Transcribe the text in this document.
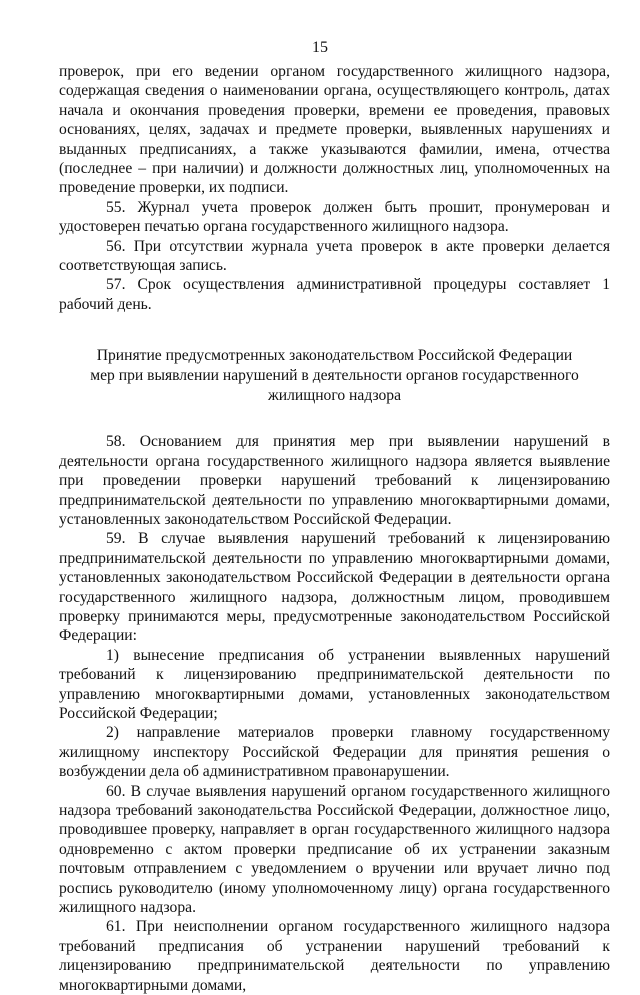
15

проверок, при его ведении органом государственного жилищного надзора, содержащая сведения о наименовании органа, осуществляющего контроль, датах начала и окончания проведения проверки, времени ее проведения, правовых основаниях, целях, задачах и предмете проверки, выявленных нарушениях и выданных предписаниях, а также указываются фамилии, имена, отчества (последнее – при наличии) и должности должностных лиц, уполномоченных на проведение проверки, их подписи.

55. Журнал учета проверок должен быть прошит, пронумерован и удостоверен печатью органа государственного жилищного надзора.

56. При отсутствии журнала учета проверок в акте проверки делается соответствующая запись.

57. Срок осуществления административной процедуры составляет 1 рабочий день.

Принятие предусмотренных законодательством Российской Федерации
мер при выявлении нарушений в деятельности органов государственного
жилищного надзора

58. Основанием для принятия мер при выявлении нарушений в деятельности органа государственного жилищного надзора является выявление при проведении проверки нарушений требований к лицензированию предпринимательской деятельности по управлению многоквартирными домами, установленных законодательством Российской Федерации.

59. В случае выявления нарушений требований к лицензированию предпринимательской деятельности по управлению многоквартирными домами, установленных законодательством Российской Федерации в деятельности органа государственного жилищного надзора, должностным лицом, проводившем проверку принимаются меры, предусмотренные законодательством Российской Федерации:

1) вынесение предписания об устранении выявленных нарушений требований к лицензированию предпринимательской деятельности по управлению многоквартирными домами, установленных законодательством Российской Федерации;

2) направление материалов проверки главному государственному жилищному инспектору Российской Федерации для принятия решения о возбуждении дела об административном правонарушении.

60. В случае выявления нарушений органом государственного жилищного надзора требований законодательства Российской Федерации, должностное лицо, проводившее проверку, направляет в орган государственного жилищного надзора одновременно с актом проверки предписание об их устранении заказным почтовым отправлением с уведомлением о вручении или вручает лично под роспись руководителю (иному уполномоченному лицу) органа государственного жилищного надзора.

61. При неисполнении органом государственного жилищного надзора требований предписания об устранении нарушений требований к лицензированию предпринимательской деятельности по управлению многоквартирными домами,
